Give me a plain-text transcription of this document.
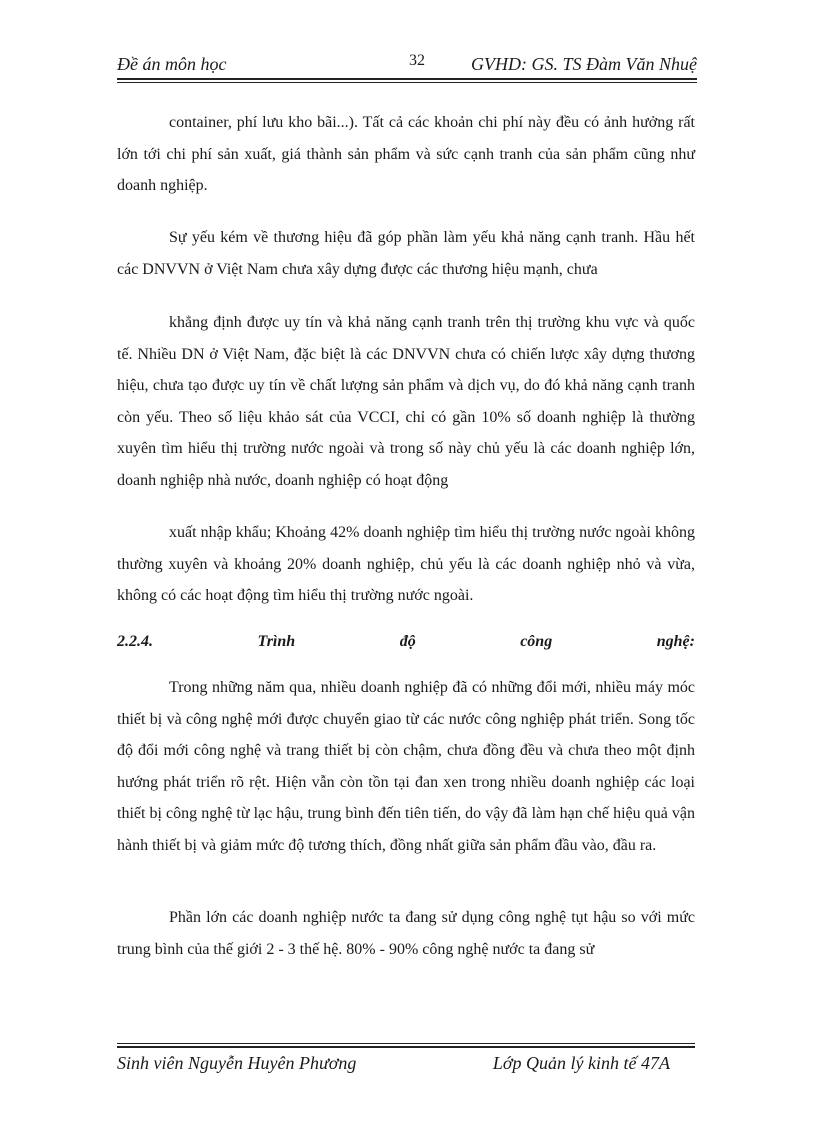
Đề án môn học	32	GVHD: GS. TS Đàm Văn Nhuệ
container, phí lưu kho bãi...). Tất cả các khoản chi phí này đều có ảnh hưởng rất lớn tới chi phí sản xuất, giá thành sản phẩm và sức cạnh tranh của sản phẩm cũng như doanh nghiệp.
Sự yếu kém về thương hiệu đã góp phần làm yếu khả năng cạnh tranh. Hầu hết các DNVVN ở Việt Nam chưa xây dựng được các thương hiệu mạnh, chưa
khẳng định được uy tín và khả năng cạnh tranh trên thị trường khu vực và quốc tế. Nhiều DN ở Việt Nam, đặc biệt là các DNVVN chưa có chiến lược xây dựng thương hiệu, chưa tạo được uy tín về chất lượng sản phẩm và dịch vụ, do đó khả năng cạnh tranh còn yếu. Theo số liệu khảo sát của VCCI, chỉ có gần 10% số doanh nghiệp là thường xuyên tìm hiểu thị trường nước ngoài và trong số này chủ yếu là các doanh nghiệp lớn, doanh nghiệp nhà nước, doanh nghiệp có hoạt động
xuất nhập khẩu; Khoảng 42% doanh nghiệp tìm hiểu thị trường nước ngoài không thường xuyên và khoảng 20% doanh nghiệp, chủ yếu là các doanh nghiệp nhỏ và vừa, không có các hoạt động tìm hiểu thị trường nước ngoài.
2.2.4.	Trình	độ	công	nghệ:
Trong những năm qua, nhiều doanh nghiệp đã có những đổi mới, nhiều máy móc thiết bị và công nghệ mới được chuyển giao từ các nước công nghiệp phát triển. Song tốc độ đổi mới công nghệ và trang thiết bị còn chậm, chưa đồng đều và chưa theo một định hướng phát triển rõ rệt. Hiện vẫn còn tồn tại đan xen trong nhiều doanh nghiệp các loại thiết bị công nghệ từ lạc hậu, trung bình đến tiên tiến, do vậy đã làm hạn chế hiệu quả vận hành thiết bị và giảm mức độ tương thích, đồng nhất giữa sản phẩm đầu vào, đầu ra.
Phần lớn các doanh nghiệp nước ta đang sử dụng công nghệ tụt hậu so với mức trung bình của thế giới 2 - 3 thế hệ. 80% - 90% công nghệ nước ta đang sử
Sinh viên Nguyễn Huyên Phương	Lớp Quản lý kinh tế 47A
